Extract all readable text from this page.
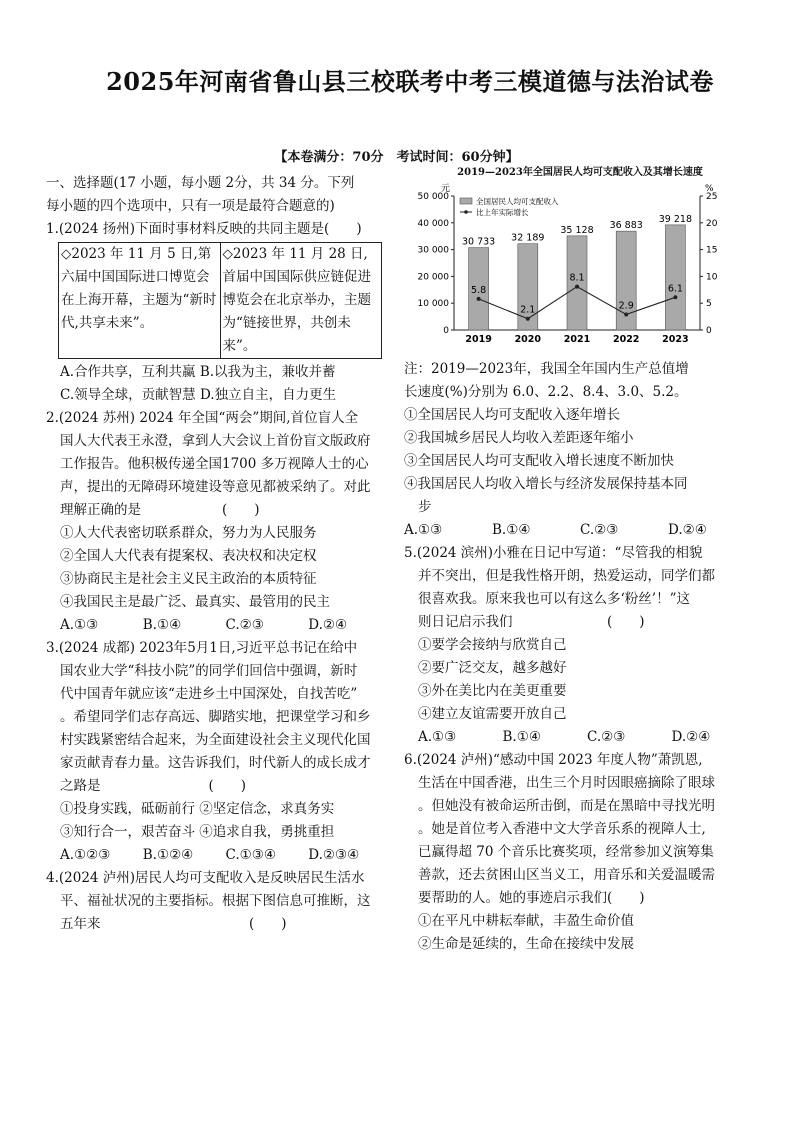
2025年河南省鲁山县三校联考中考三模道德与法治试卷
【本卷满分：70分　考试时间：60分钟】
一、选择题(17 小题，每小题 2分，共 34 分。下列
每小题的四个选项中，只有一项是最符合题意的)
1.(2024 扬州)下面时事材料反映的共同主题是(　　)
◇2023 年 11 月 5 日,第六届中国国际进口博览会在上海开幕，主题为“新时代,共享未来”。	◇2023 年 11 月 28 日,首届中国国际供应链促进博览会在北京举办，主题为“链接世界，共创未来”。
A.合作共享，互利共赢 B.以我为主，兼收并蓄
C.领导全球，贡献智慧 D.独立自主，自力更生
2.(2024 苏州) 2024 年全国“两会”期间,首位盲人全
国人大代表王永澄，拿到人大会议上首份盲文版政府
工作报告。他积极传递全国1700 多万视障人士的心
声，提出的无障碍环境建设等意见都被采纳了。对此
理解正确的是　　　　　　(　　)
①人大代表密切联系群众，努力为人民服务
②全国人大代表有提案权、表决权和决定权
③协商民主是社会主义民主政治的本质特征
④我国民主是最广泛、最真实、最管用的民主
A.①③	B.①④	C.②③	D.②④
3.(2024 成都) 2023年5月1日,习近平总书记在给中
国农业大学“科技小院”的同学们回信中强调，新时
代中国青年就应该“走进乡土中国深处，自找苦吃”
。希望同学们志存高远、脚踏实地，把课堂学习和乡
村实践紧密结合起来，为全面建设社会主义现代化国
家贡献青春力量。这告诉我们，时代新人的成长成才
之路是　　　　　　　　(　　)
①投身实践，砥砺前行 ②坚定信念，求真务实
③知行合一，艰苦奋斗 ④追求自我，勇挑重担
A.①②③	B.①②④	C.①③④	D.②③④
4.(2024 泸州)居民人均可支配收入是反映居民生活水
平、福祉状况的主要指标。根据下图信息可推断，这
五年来　　　　　　　　　　　(　　)
2019—2023年全国居民人均可支配收入及其增长速度
元	%
0
10 000
20 000
30 000
40 000
50 000
0
5
10
15
20
25
30 733
2019
32 189
2020
35 128
2021
36 883
2022
39 218
2023
5.8
2.1
8.1
2.9
6.1
全国居民人均可支配收入
比上年实际增长
注：2019—2023年，我国全年国内生产总值增
长速度(%)分别为 6.0、2.2、8.4、3.0、5.2。
①全国居民人均可支配收入逐年增长
②我国城乡居民人均收入差距逐年缩小
③全国居民人均可支配收入增长速度不断加快
④我国居民人均收入增长与经济发展保持基本同
步
A.①③	B.①④	C.②③	D.②④
5.(2024 滨州)小雅在日记中写道：“尽管我的相貌
并不突出，但是我性格开朗，热爱运动，同学们都
很喜欢我。原来我也可以有这么多‘粉丝’！”这
则日记启示我们　　　　　　　(　　)
①要学会接纳与欣赏自己
②要广泛交友，越多越好
③外在美比内在美更重要
④建立友谊需要开放自己
A.①③	B.①④	C.②③	D.②④
6.(2024 泸州)“感动中国 2023 年度人物”萧凯恩,
生活在中国香港，出生三个月时因眼癌摘除了眼球
。但她没有被命运所击倒，而是在黑暗中寻找光明
。她是首位考入香港中文大学音乐系的视障人士,
已赢得超 70 个音乐比赛奖项，经常参加义演筹集
善款，还去贫困山区当义工，用音乐和关爱温暖需
要帮助的人。她的事迹启示我们(　　)
①在平凡中耕耘奉献，丰盈生命价值
②生命是延续的，生命在接续中发展
